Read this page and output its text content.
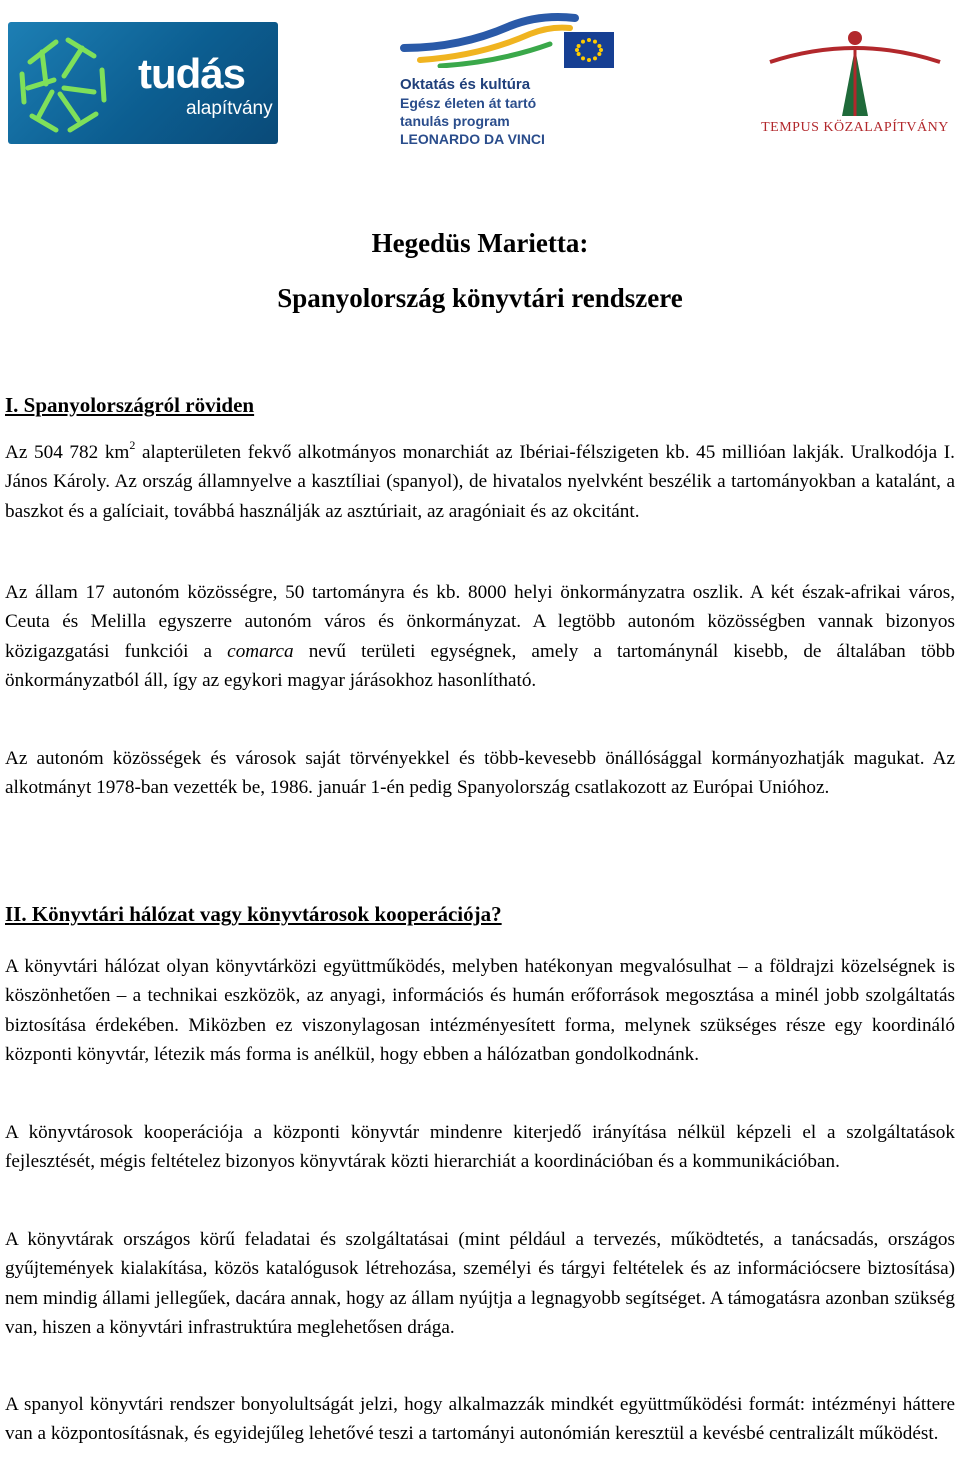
tudás
alapítvány
Oktatás és kultúra
Egész életen át tartó
tanulás program
LEONARDO DA VINCI
TEMPUS KÖZALAPÍTVÁNY
Hegedüs Marietta:
Spanyolország könyvtári rendszere
I. Spanyolországról röviden

Az 504 782 $km^2$ alapterületen fekvő alkotmányos monarchiát az Ibériai-félszigeten kb. 45 millióan lakják. Uralkodója I. János Károly. Az ország államnyelve a kasztíliai (spanyol), de hivatalos nyelvként beszélik a tartományokban a katalánt, a baszkot és a galíciait, továbbá használják az asztúriait, az aragóniait és az okcitánt.

Az állam 17 autonóm közösségre, 50 tartományra és kb. 8000 helyi önkormányzatra oszlik. A két észak-afrikai város, Ceuta és Melilla egyszerre autonóm város és önkormányzat. A legtöbb autonóm közösségben vannak bizonyos közigazgatási funkciói a comarca nevű területi egységnek, amely a tartománynál kisebb, de általában több önkormányzatból áll, így az egykori magyar járásokhoz hasonlítható.

Az autonóm közösségek és városok saját törvényekkel és több-kevesebb önállósággal kormányozhatják magukat. Az alkotmányt 1978-ban vezették be, 1986. január 1-én pedig Spanyolország csatlakozott az Európai Unióhoz.

II. Könyvtári hálózat vagy könyvtárosok kooperációja?

A könyvtári hálózat olyan könyvtárközi együttműködés, melyben hatékonyan megvalósulhat – a földrajzi közelségnek is köszönhetően – a technikai eszközök, az anyagi, információs és humán erőforrások megosztása a minél jobb szolgáltatás biztosítása érdekében. Miközben ez viszonylagosan intézményesített forma, melynek szükséges része egy koordináló központi könyvtár, létezik más forma is anélkül, hogy ebben a hálózatban gondolkodnánk.

A könyvtárosok kooperációja a központi könyvtár mindenre kiterjedő irányítása nélkül képzeli el a szolgáltatások fejlesztését, mégis feltételez bizonyos könyvtárak közti hierarchiát a koordinációban és a kommunikációban.

A könyvtárak országos körű feladatai és szolgáltatásai (mint például a tervezés, működtetés, a tanácsadás, országos gyűjtemények kialakítása, közös katalógusok létrehozása, személyi és tárgyi feltételek és az információcsere biztosítása) nem mindig állami jellegűek, dacára annak, hogy az állam nyújtja a legnagyobb segítséget. A támogatásra azonban szükség van, hiszen a könyvtári infrastruktúra meglehetősen drága.

A spanyol könyvtári rendszer bonyolultságát jelzi, hogy alkalmazzák mindkét együttműködési formát: intézményi háttere van a központosításnak, és egyidejűleg lehetővé teszi a tartományi autonómián keresztül a kevésbé centralizált működést.
